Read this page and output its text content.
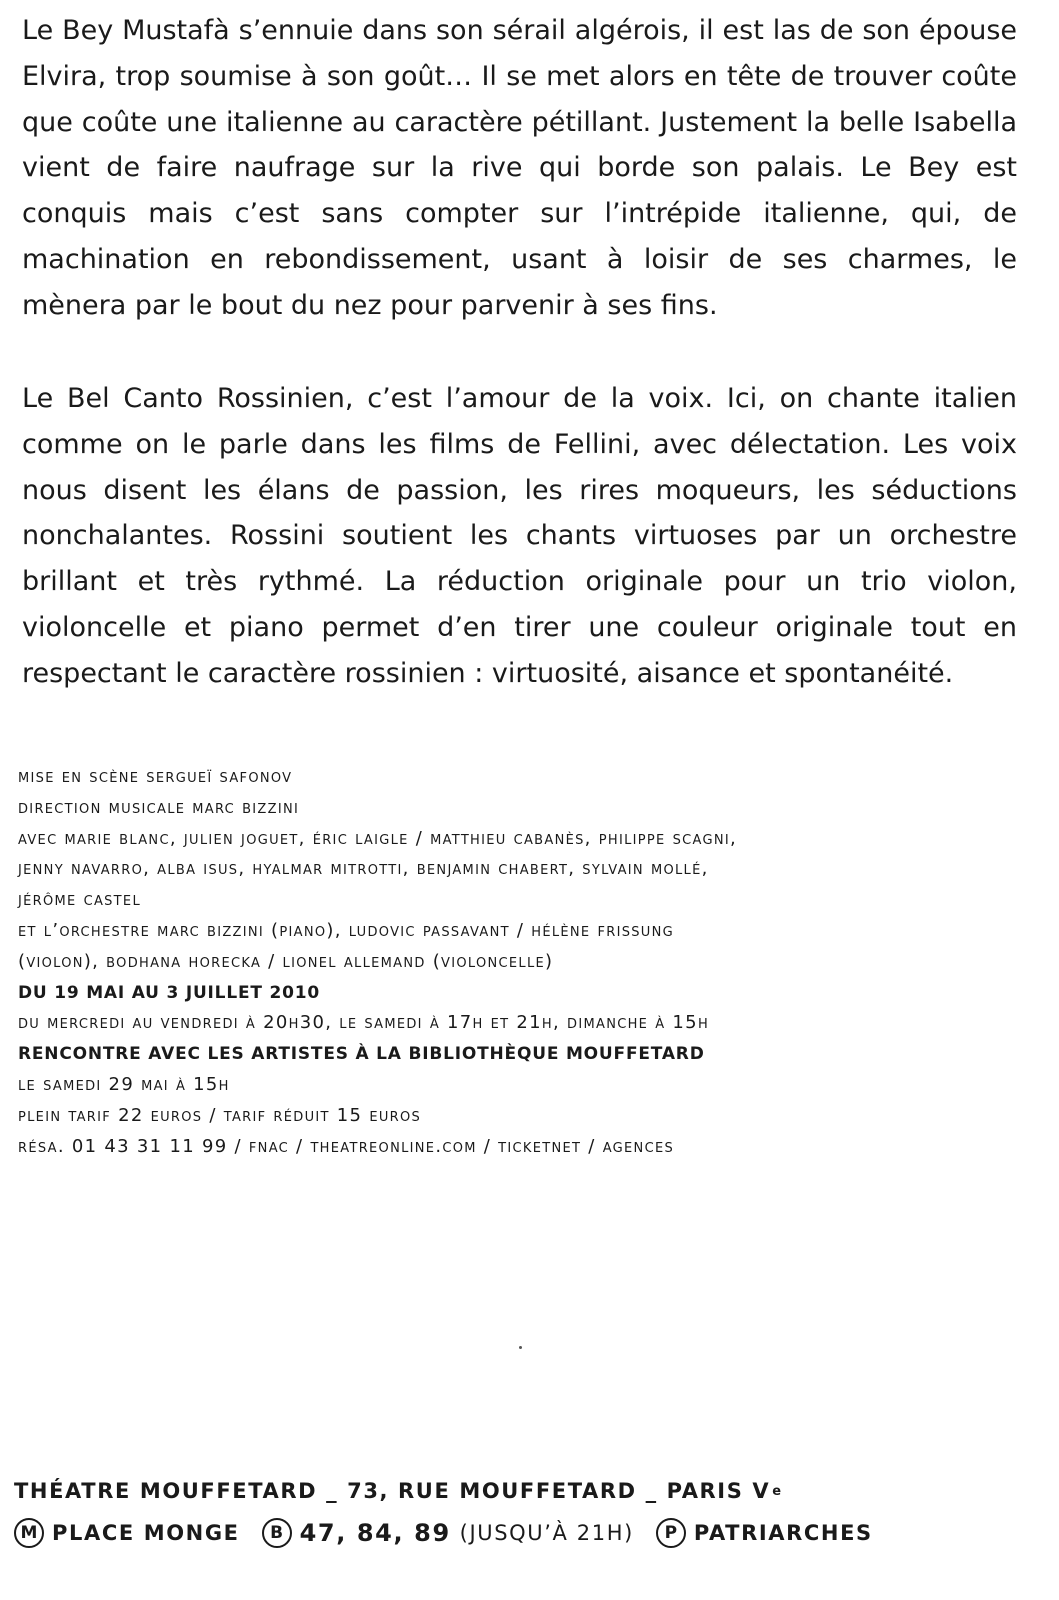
Le Bey Mustafà s’ennuie dans son sérail algérois, il est las de son épouse Elvira, trop soumise à son goût… Il se met alors en tête de trouver coûte que coûte une italienne au caractère pétillant. Justement la belle Isabella vient de faire naufrage sur la rive qui borde son palais. Le Bey est conquis mais c’est sans compter sur l’intrépide italienne, qui, de machination en rebondissement, usant à loisir de ses charmes, le mènera par le bout du nez pour parvenir à ses fins.

Le Bel Canto Rossinien, c’est l’amour de la voix. Ici, on chante italien comme on le parle dans les films de Fellini, avec délectation. Les voix nous disent les élans de passion, les rires moqueurs, les séductions nonchalantes. Rossini soutient les chants virtuoses par un orchestre brillant et très rythmé. La réduction originale pour un trio violon, violoncelle et piano permet d’en tirer une couleur originale tout en respectant le caractère rossinien : virtuosité, aisance et spontanéité.

mise en scène sergueï safonov
direction musicale marc bizzini
avec marie blanc, julien joguet, éric laigle / matthieu cabanès, philippe scagni,
jenny navarro, alba isus, hyalmar mitrotti, benjamin chabert, sylvain mollé,
jérôme castel
et l’orchestre marc bizzini (piano), ludovic passavant / hélène frissung
(violon), bodhana horecka / lionel allemand (violoncelle)
DU 19 MAI AU 3 JUILLET 2010
du mercredi au vendredi à 20h30, le samedi à 17h et 21h, dimanche à 15h
RENCONTRE AVEC LES ARTISTES À LA BIBLIOTHÈQUE MOUFFETARD
le samedi 29 mai à 15h
plein tarif 22 euros / tarif réduit 15 euros
résa. 01 43 31 11 99 / fnac / theatreonline.com / ticketnet / agences
THÉATRE MOUFFETARD _ 73, RUE MOUFFETARD _ PARIS V e
M PLACE MONGE	B 47, 84, 89
(JUSQU’À 21H)	P PATRIARCHES
